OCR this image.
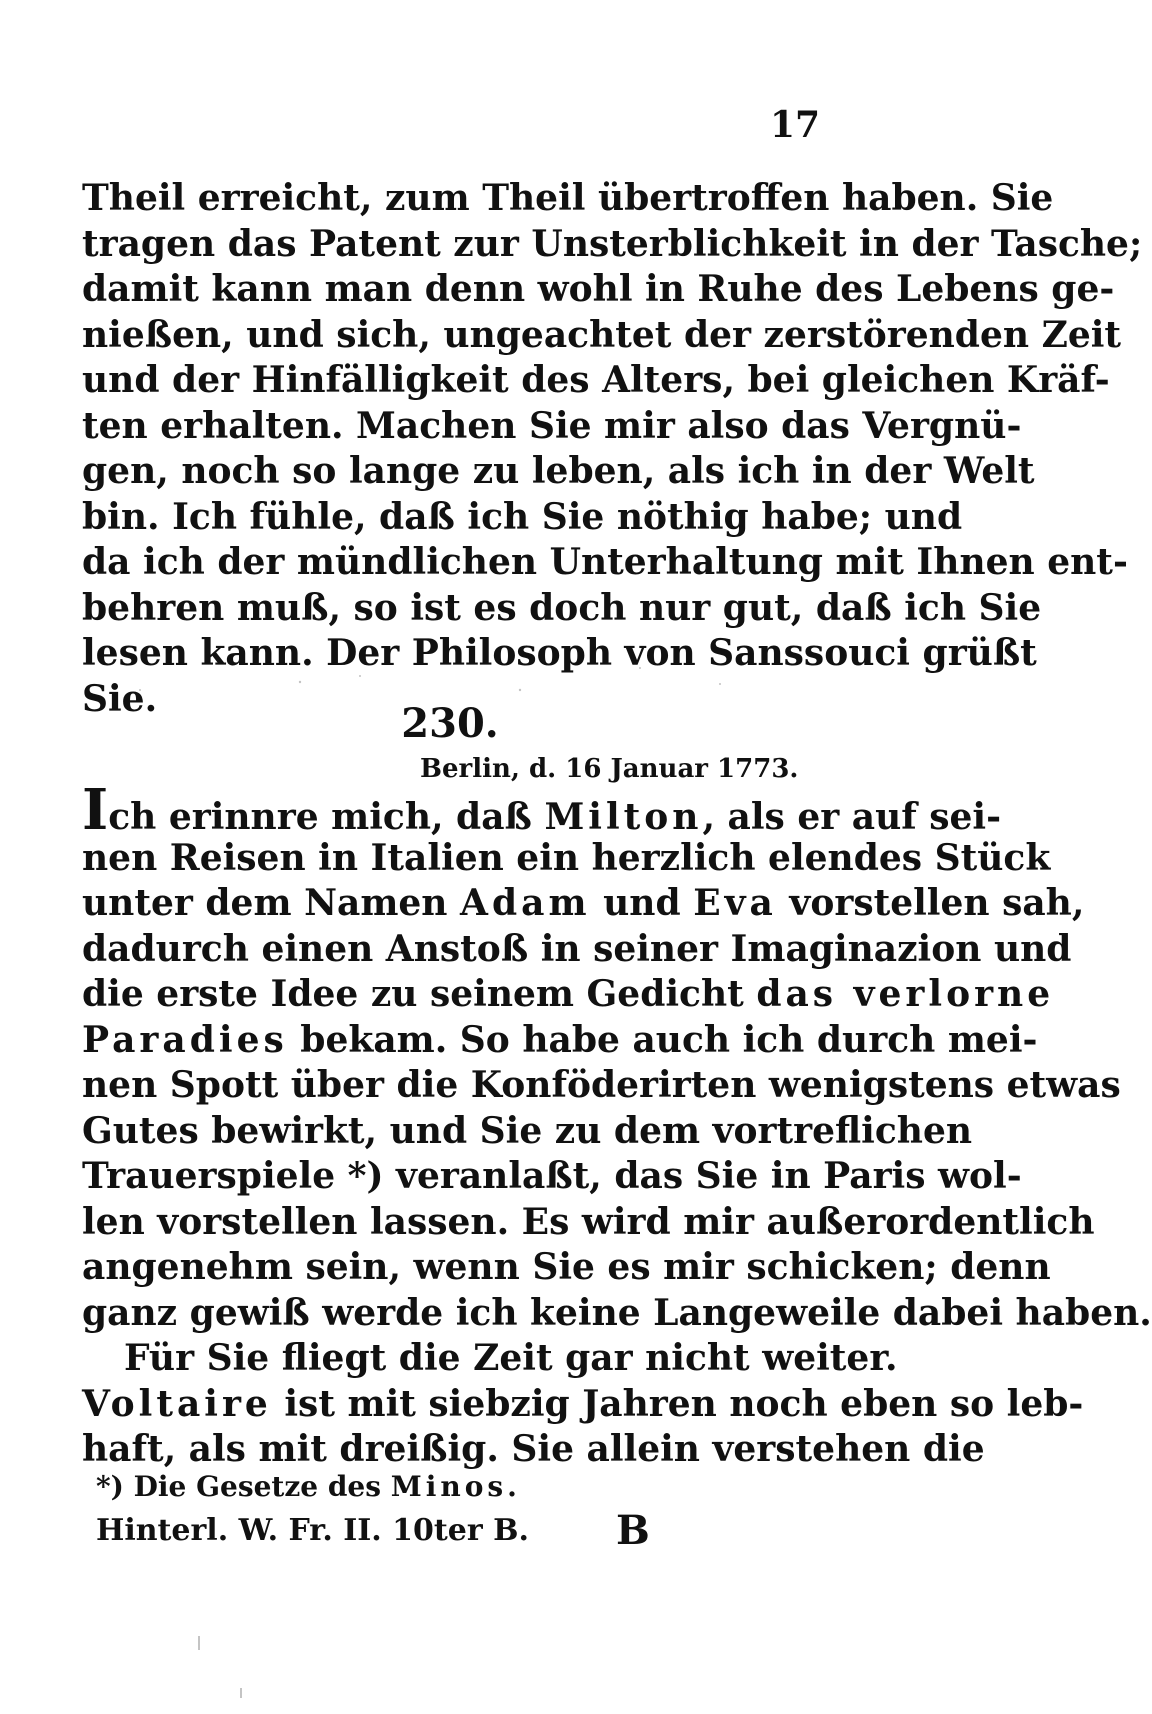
17
Theil erreicht, zum Theil übertroffen haben. Sie
tragen das Patent zur Unsterblichkeit in der Tasche;
damit kann man denn wohl in Ruhe des Lebens ge-
nießen, und sich, ungeachtet der zerstörenden Zeit
und der Hinfälligkeit des Alters, bei gleichen Kräf-
ten erhalten. Machen Sie mir also das Vergnü-
gen, noch so lange zu leben, als ich in der Welt
bin. Ich fühle, daß ich Sie nöthig habe; und
da ich der mündlichen Unterhaltung mit Ihnen ent-
behren muß, so ist es doch nur gut, daß ich Sie
lesen kann. Der Philosoph von Sanssouci grüßt
Sie.
230.
Berlin, d. 16 Januar 1773.
Ich erinnre mich, daß Milton, als er auf sei-
nen Reisen in Italien ein herzlich elendes Stück
unter dem Namen Adam und Eva vorstellen sah,
dadurch einen Anstoß in seiner Imaginazion und
die erste Idee zu seinem Gedicht das verlorne
Paradies bekam. So habe auch ich durch mei-
nen Spott über die Konföderirten wenigstens etwas
Gutes bewirkt, und Sie zu dem vortreflichen
Trauerspiele *) veranlaßt, das Sie in Paris wol-
len vorstellen lassen. Es wird mir außerordentlich
angenehm sein, wenn Sie es mir schicken; denn
ganz gewiß werde ich keine Langeweile dabei haben.
Für Sie fliegt die Zeit gar nicht weiter.
Voltaire ist mit siebzig Jahren noch eben so leb-
haft, als mit dreißig. Sie allein verstehen die
*) Die Gesetze des Minos.
Hinterl. W. Fr. II. 10ter B. B
